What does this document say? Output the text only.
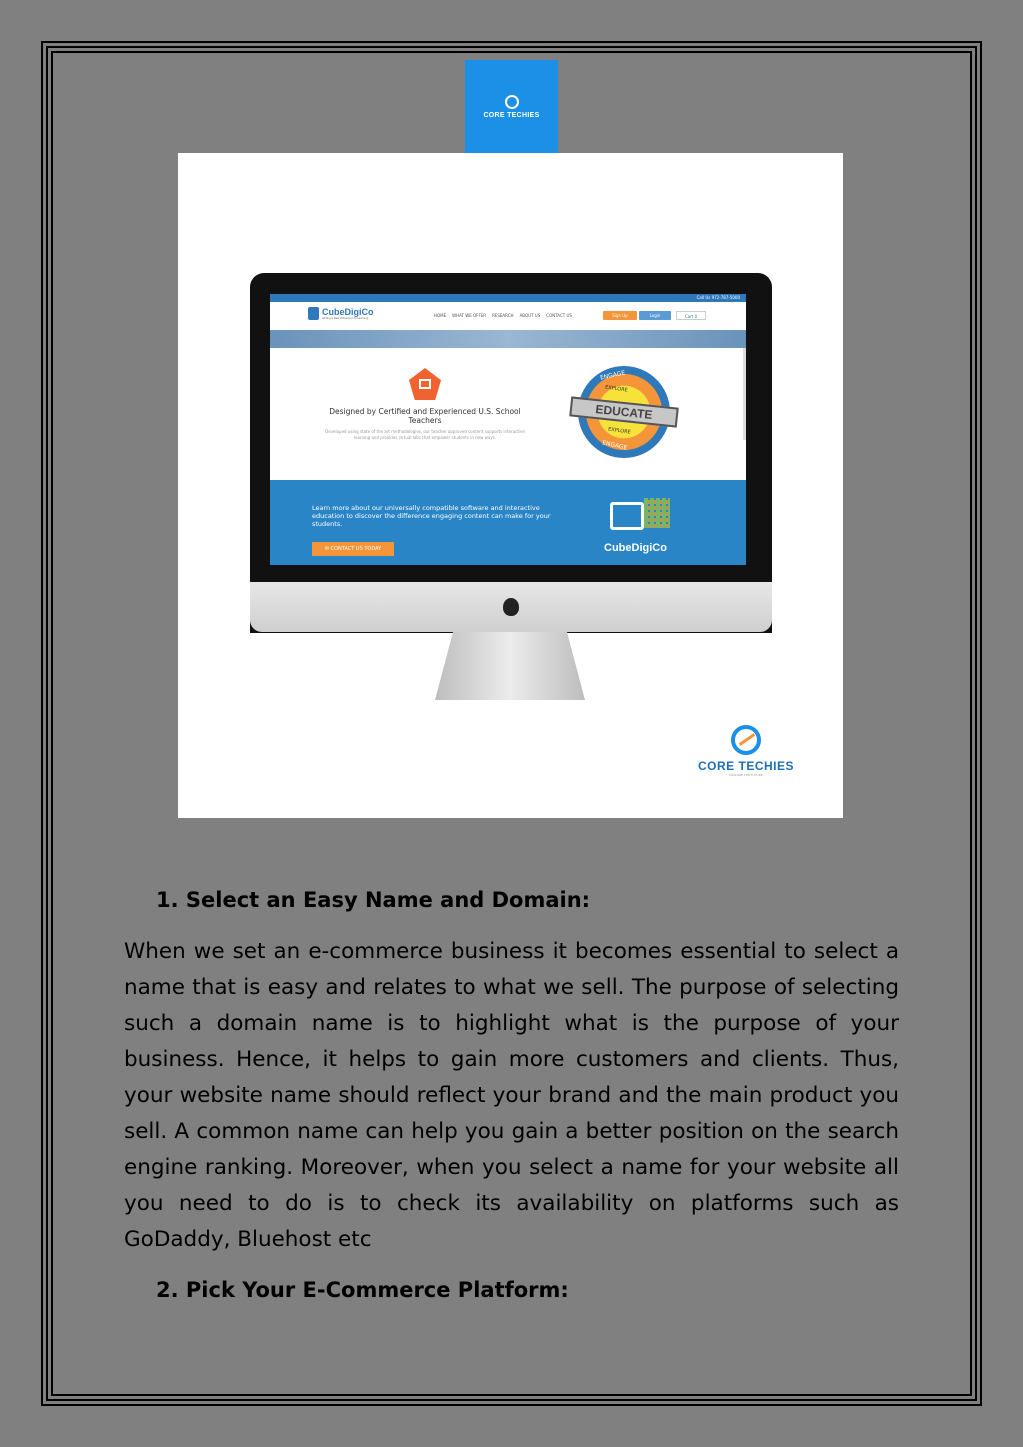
CORE TECHIES
Call Us 972-787-5000
CubeDigiCo
Adding a New Dimension to Learning
HOME WHAT WE OFFER RESEARCH ABOUT US CONTACT US	Sign Up	Login	Cart 0
Designed by Certified and Experienced U.S. School Teachers
Developed using state of the art methodologies, our teacher approved content supports interactive learning and provides virtual labs that empower students in new ways.
ENGAGE
EXPLORE
EDUCATE
EXPLORE
ENGAGE
Learn more about our universally compatible software and interactive education to discover the difference engaging content can make for your students.
✉ CONTACT US TODAY	CubeDigiCo
CORE TECHIES
EXPLORE THE FUTURE
1. Select an Easy Name and Domain:

When we set an e-commerce business it becomes essential to select a name that is easy and relates to what we sell. The purpose of selecting such a domain name is to highlight what is the purpose of your business. Hence, it helps to gain more customers and clients. Thus, your website name should reflect your brand and the main product you sell. A common name can help you gain a better position on the search engine ranking. Moreover, when you select a name for your website all you need to do is to check its availability on platforms such as GoDaddy, Bluehost etc

2. Pick Your E-Commerce Platform:
